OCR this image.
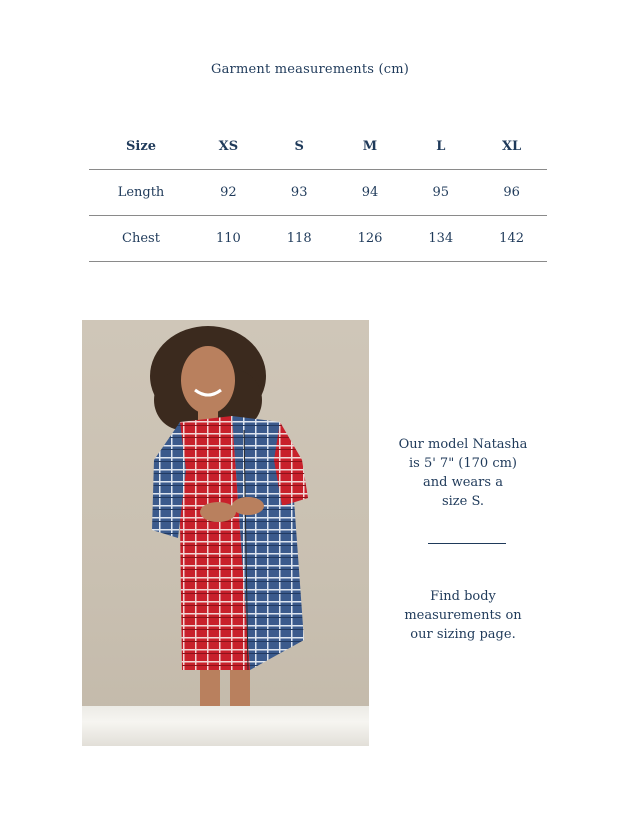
Garment measurements (cm)
Size	XS	S	M	L	XL
Length	92	93	94	95	96
Chest	110	118	126	134	142

Our model Natasha

is 5' 7" (170 cm)

and wears a

size S.

Find body

measurements on

our sizing page.
